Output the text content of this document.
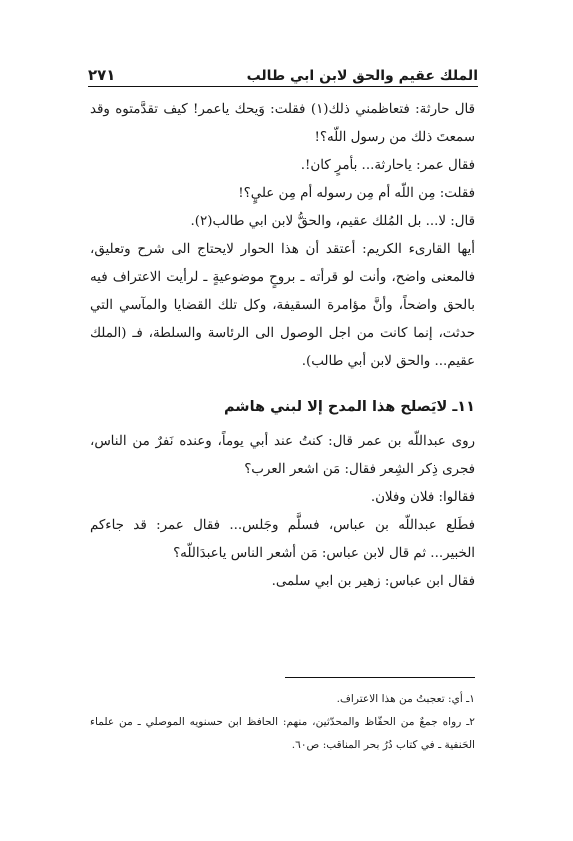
الملك عقيم والحق لابن ابي طالب
٢٧١

قال حارثة: فتعاظمني ذلك(١) فقلت: وَيحك ياعمر! كيف تقدَّمتوه وقد سمعتَ ذلك من رسول اللّه؟!

فقال عمر: ياحارثة... بأمرٍ كان!.

فقلت: مِن اللّه أم مِن رسوله أم مِن عليٍ؟!

قال: لا... بل المُلك عقيم، والحقُّ لابن ابي طالب(٢).

أيها القارىء الكريم: أعتقد أن هذا الحوار لايحتاج الى شرح وتعليق، فالمعنى واضح، وأنت لو قرأته ـ بروحٍ موضوعيةٍ ـ لرأيت الاعتراف فيه بالحق واضحاً، وأنَّ مؤامرة السقيفة، وكل تلك القضايا والمآسي التي حدثت، إنما كانت من اجل الوصول الى الرئاسة والسلطة، فـ (الملك عقيم... والحق لابن أبي طالب).

١١ـ لايَصلح هذا المدح إلا لبني هاشم

روى عبداللّه بن عمر قال: كنتُ عند أبي يوماً، وعنده نَفرٌ من الناس، فجرى ذِكر الشِعر فقال: مَن اشعر العرب؟

فقالوا: فلان وفلان.

فطَلع عبداللّه بن عباس، فسلَّم وجَلس... فقال عمر: قد جاءكم الخبير... ثم قال لابن عباس: مَن أشعر الناس ياعبدَاللّه؟

فقال ابن عباس: زهير بن ابي سلمى.

١ـ أي: تعجبتُ من هذا الاعتراف.

٢ـ رواه جمعٌ من الحفّاظ والمحدّثين، منهم: الحافظ ابن حسنويه الموصلي ـ من علماء الحَنفية ـ في كتاب دُرُ بحر المناقب: ص٦٠.
